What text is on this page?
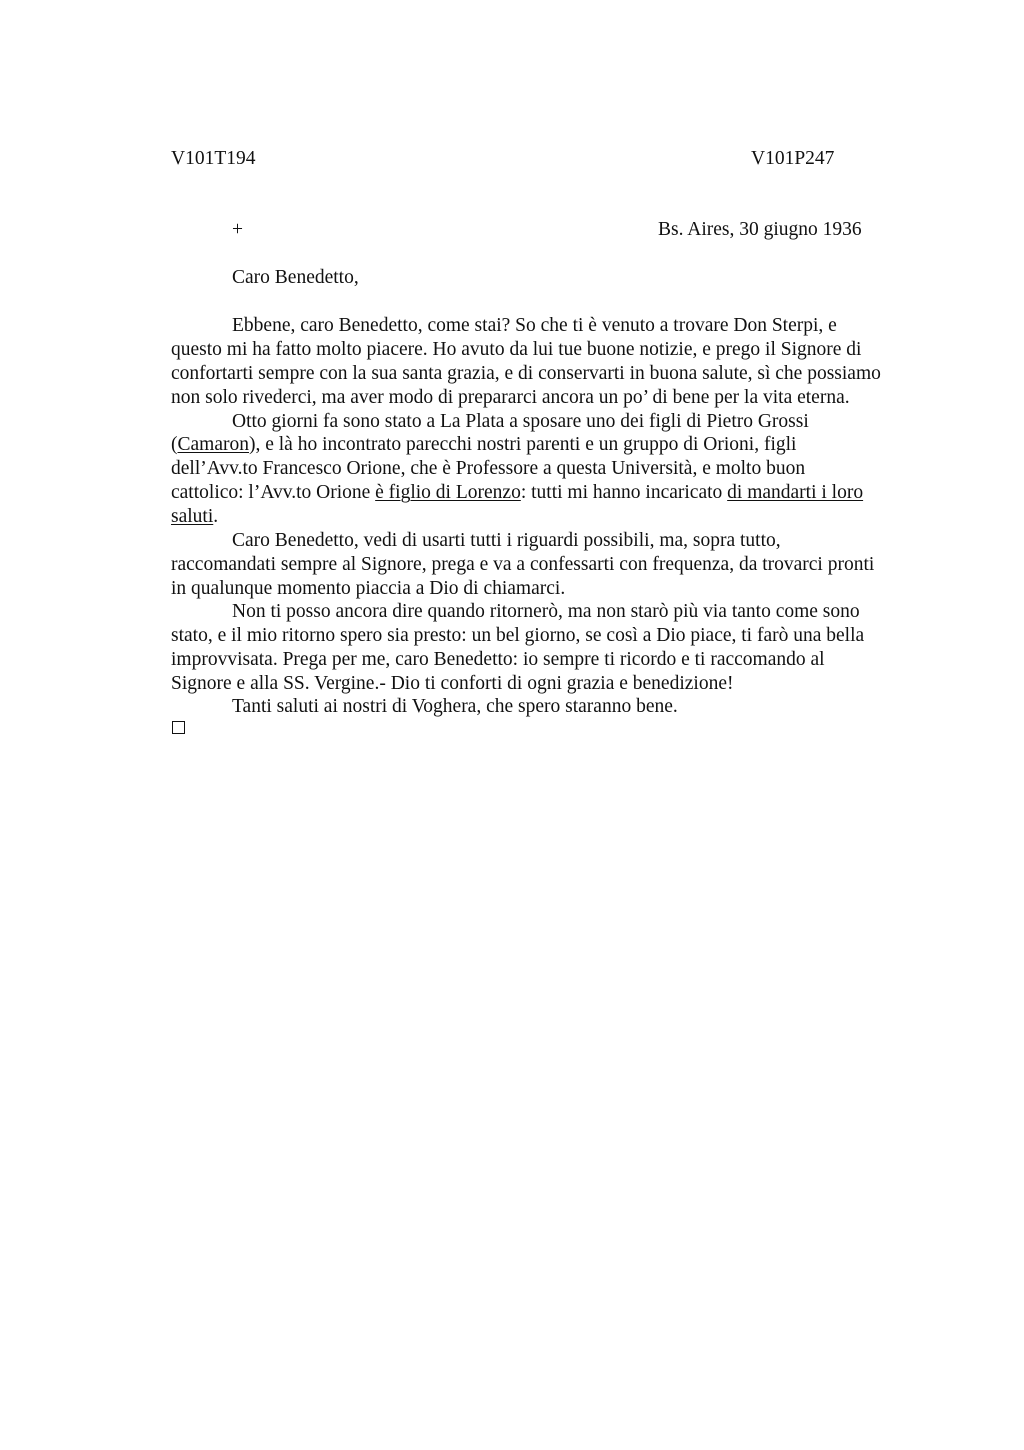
V101T194	V101P247
+	Bs. Aires, 30 giugno 1936
Caro Benedetto,
Ebbene, caro Benedetto, come stai? So che ti è venuto a trovare Don Sterpi, e
questo mi ha fatto molto piacere. Ho avuto da lui tue buone notizie, e prego il Signore di
confortarti sempre con la sua santa grazia, e di conservarti in buona salute, sì che possiamo
non solo rivederci, ma aver modo di prepararci ancora un po’ di bene per la vita eterna.
Otto giorni fa sono stato a La Plata a sposare uno dei figli di Pietro Grossi
(Camaron), e là ho incontrato parecchi nostri parenti e un gruppo di Orioni, figli
dell’Avv.to Francesco Orione, che è Professore a questa Università, e molto buon
cattolico: l’Avv.to Orione è figlio di Lorenzo: tutti mi hanno incaricato di mandarti i loro
saluti.
Caro Benedetto, vedi di usarti tutti i riguardi possibili, ma, sopra tutto,
raccomandati sempre al Signore, prega e va a confessarti con frequenza, da trovarci pronti
in qualunque momento piaccia a Dio di chiamarci.
Non ti posso ancora dire quando ritornerò, ma non starò più via tanto come sono
stato, e il mio ritorno spero sia presto: un bel giorno, se così a Dio piace, ti farò una bella
improvvisata. Prega per me, caro Benedetto: io sempre ti ricordo e ti raccomando al
Signore e alla SS. Vergine.- Dio ti conforti di ogni grazia e benedizione!
Tanti saluti ai nostri di Voghera, che spero staranno bene.
